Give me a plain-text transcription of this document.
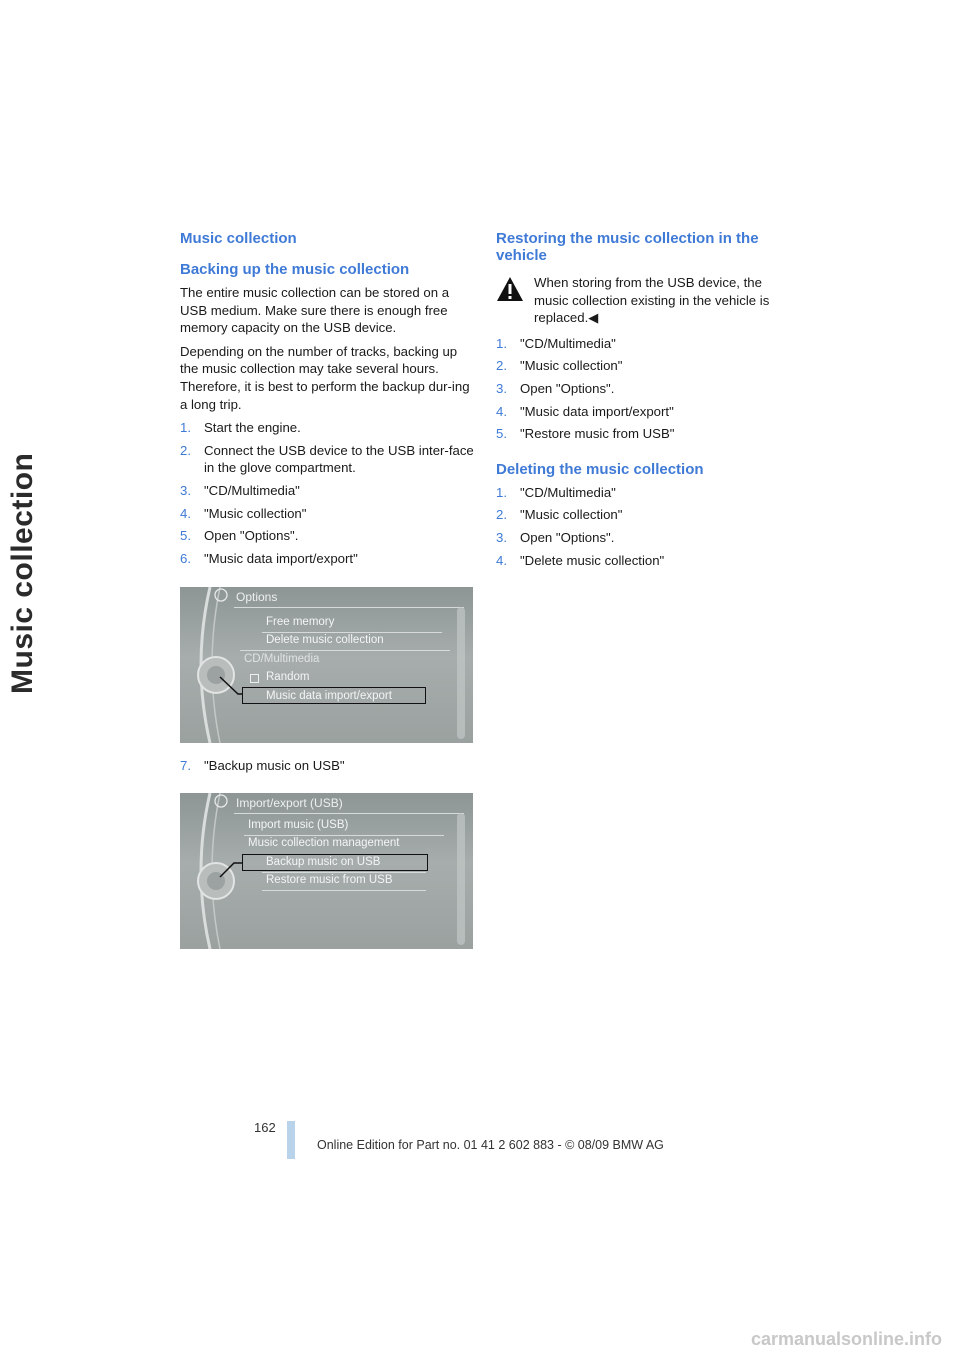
Music collection
Music collection
Backing up the music collection

The entire music collection can be stored on a USB medium. Make sure there is enough free memory capacity on the USB device.

Depending on the number of tracks, backing up the music collection may take several hours. Therefore, it is best to perform the backup dur-ing a long trip.

1. Start the engine.
2. Connect the USB device to the USB inter-face in the glove compartment.
3. "CD/Multimedia"
4. "Music collection"
5. Open "Options".
6. "Music data import/export"
Options
Free memory
Delete music collection
CD/Multimedia
Random
Music data import/export
7. "Backup music on USB"
Import/export (USB)
Import music (USB)
Music collection management
Backup music on USB
Restore music from USB
Restoring the music collection in the vehicle
When storing from the USB device, the music collection existing in the vehicle is replaced.◀
1. "CD/Multimedia"
2. "Music collection"
3. Open "Options".
4. "Music data import/export"
5. "Restore music from USB"
Deleting the music collection
1. "CD/Multimedia"
2. "Music collection"
3. Open "Options".
4. "Delete music collection"
162
Online Edition for Part no. 01 41 2 602 883 - © 08/09 BMW AG
carmanualsonline.info
